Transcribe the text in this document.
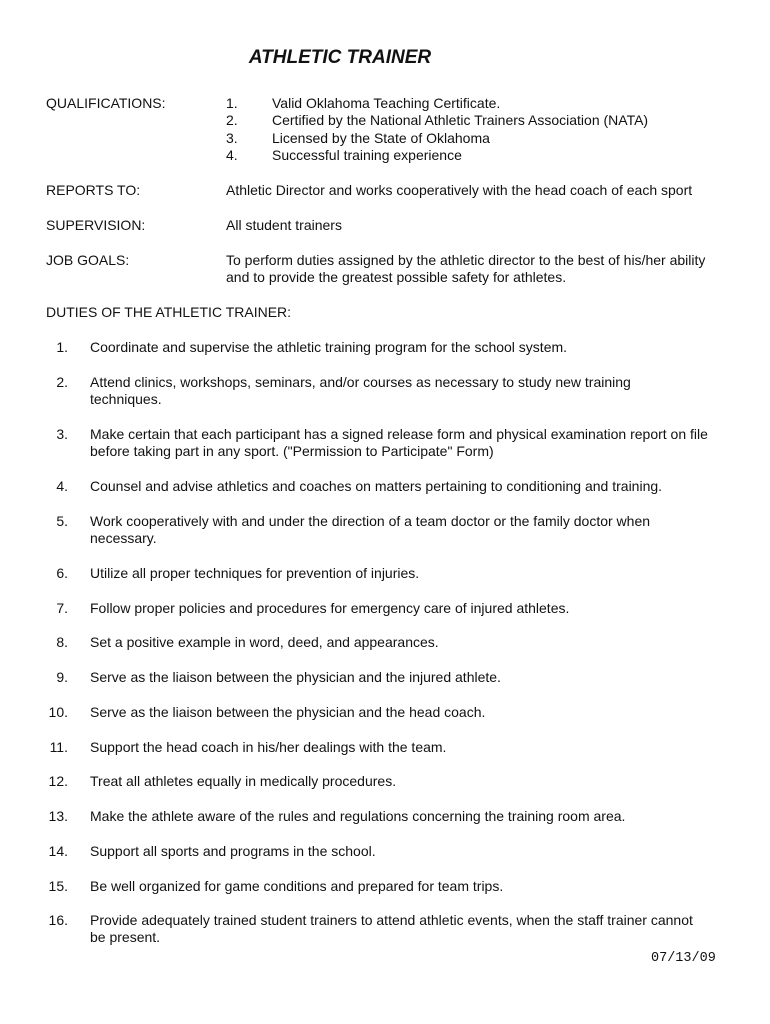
ATHLETIC TRAINER

QUALIFICATIONS:	1.	Valid Oklahoma Teaching Certificate.
2.	Certified by the National Athletic Trainers Association (NATA)
3.	Licensed by the State of Oklahoma
4.	Successful training experience

REPORTS TO:	Athletic Director and works cooperatively with the head coach of each sport

SUPERVISION:	All student trainers

JOB GOALS:	To perform duties assigned by the athletic director to the best of his/her ability and to provide the greatest possible safety for athletes.

DUTIES OF THE ATHLETIC TRAINER:

1. Coordinate and supervise the athletic training program for the school system.
2. Attend clinics, workshops, seminars, and/or courses as necessary to study new training techniques.
3. Make certain that each participant has a signed release form and physical examination report on file before taking part in any sport. ("Permission to Participate" Form)
4. Counsel and advise athletics and coaches on matters pertaining to conditioning and training.
5. Work cooperatively with and under the direction of a team doctor or the family doctor when necessary.
6. Utilize all proper techniques for prevention of injuries.
7. Follow proper policies and procedures for emergency care of injured athletes.
8. Set a positive example in word, deed, and appearances.
9. Serve as the liaison between the physician and the injured athlete.
10. Serve as the liaison between the physician and the head coach.
11. Support the head coach in his/her dealings with the team.
12. Treat all athletes equally in medically procedures.
13. Make the athlete aware of the rules and regulations concerning the training room area.
14. Support all sports and programs in the school.
15. Be well organized for game conditions and prepared for team trips.
16. Provide adequately trained student trainers to attend athletic events, when the staff trainer cannot be present.

07/13/09
